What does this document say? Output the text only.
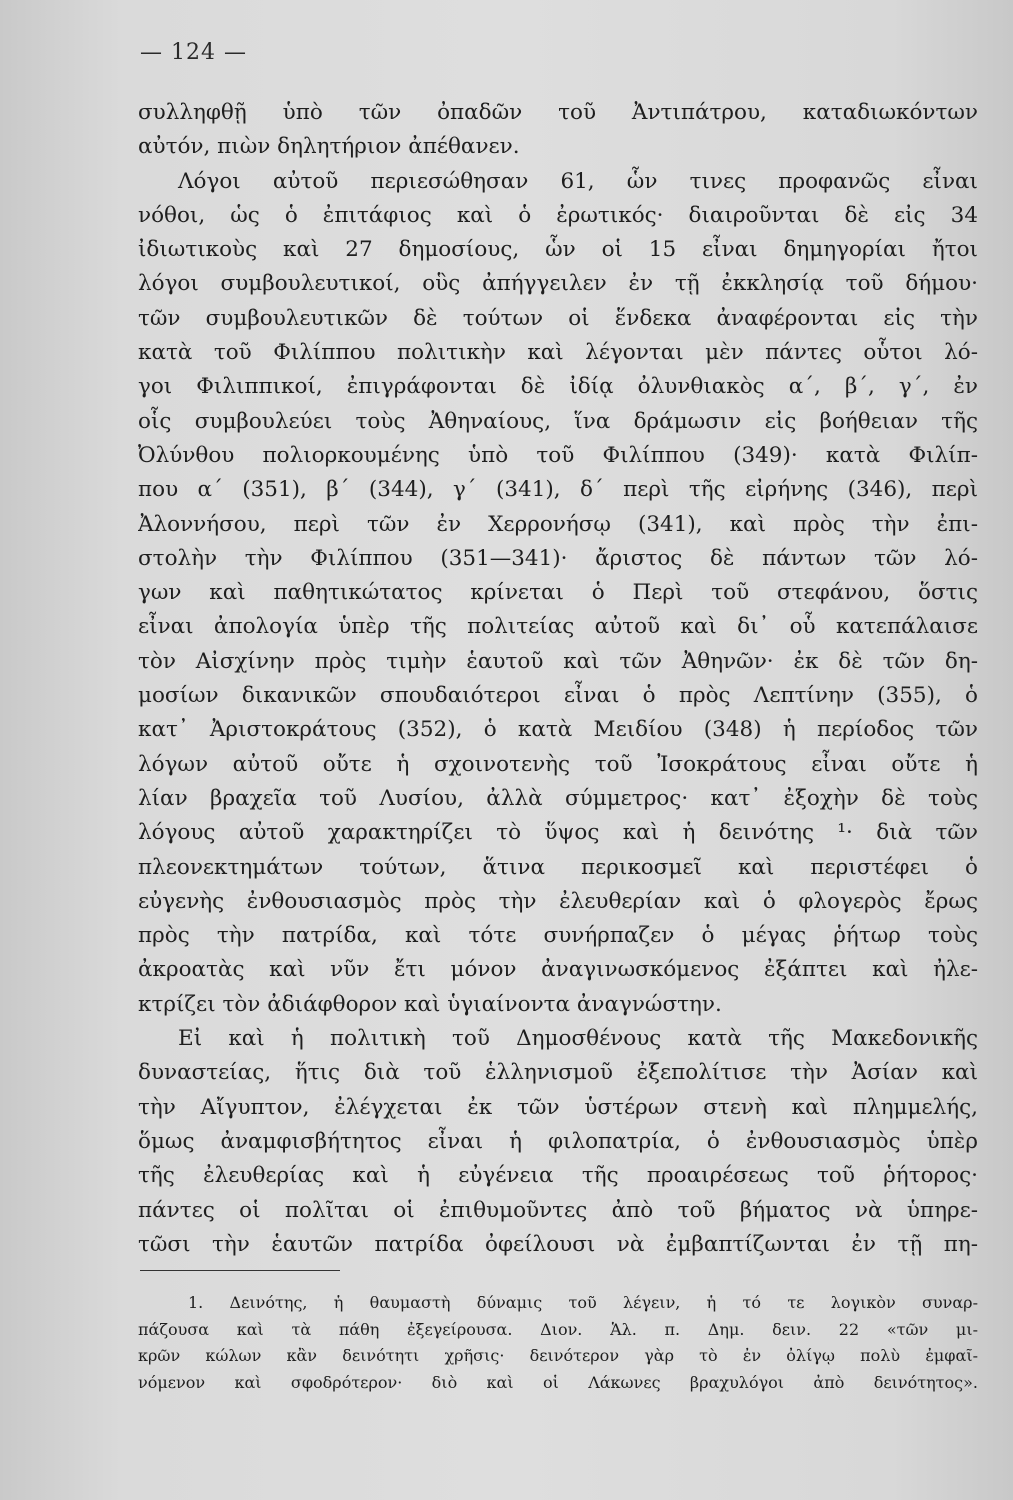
— 124 —
συλληφθῇ ὑπὸ τῶν ὀπαδῶν τοῦ Ἀντιπάτρου, καταδιωκόντων
αὐτόν, πιὼν δηλητήριον ἀπέθανεν.
Λόγοι αὐτοῦ περιεσώθησαν 61, ὧν τινες προφανῶς εἶναι
νόθοι, ὡς ὁ ἐπιτάφιος καὶ ὁ ἐρωτικός· διαιροῦνται δὲ εἰς 34
ἰδιωτικοὺς καὶ 27 δημοσίους, ὧν οἱ 15 εἶναι δημηγορίαι ἤτοι
λόγοι συμβουλευτικοί, οὓς ἀπήγγειλεν ἐν τῇ ἐκκλησίᾳ τοῦ δήμου·
τῶν συμβουλευτικῶν δὲ τούτων οἱ ἕνδεκα ἀναφέρονται εἰς τὴν
κατὰ τοῦ Φιλίππου πολιτικὴν καὶ λέγονται μὲν πάντες οὗτοι λό-
γοι Φιλιππικοί, ἐπιγράφονται δὲ ἰδίᾳ ὀλυνθιακὸς α΄, β΄, γ΄, ἐν
οἷς συμβουλεύει τοὺς Ἀθηναίους, ἵνα δράμωσιν εἰς βοήθειαν τῆς
Ὀλύνθου πολιορκουμένης ὑπὸ τοῦ Φιλίππου (349)· κατὰ Φιλίπ-
που α΄ (351), β΄ (344), γ΄ (341), δ΄ περὶ τῆς εἰρήνης (346), περὶ
Ἀλοννήσου, περὶ τῶν ἐν Χερρονήσῳ (341), καὶ πρὸς τὴν ἐπι-
στολὴν τὴν Φιλίππου (351—341)· ἄριστος δὲ πάντων τῶν λό-
γων καὶ παθητικώτατος κρίνεται ὁ Περὶ τοῦ στεφάνου, ὅστις
εἶναι ἀπολογία ὑπὲρ τῆς πολιτείας αὐτοῦ καὶ δι᾽ οὗ κατεπάλαισε
τὸν Αἰσχίνην πρὸς τιμὴν ἑαυτοῦ καὶ τῶν Ἀθηνῶν· ἐκ δὲ τῶν δη-
μοσίων δικανικῶν σπουδαιότεροι εἶναι ὁ πρὸς Λεπτίνην (355), ὁ
κατ᾽ Ἀριστοκράτους (352), ὁ κατὰ Μειδίου (348) ἡ περίοδος τῶν
λόγων αὐτοῦ οὔτε ἡ σχοινοτενὴς τοῦ Ἰσοκράτους εἶναι οὔτε ἡ
λίαν βραχεῖα τοῦ Λυσίου, ἀλλὰ σύμμετρος· κατ᾽ ἐξοχὴν δὲ τοὺς
λόγους αὐτοῦ χαρακτηρίζει τὸ ὕψος καὶ ἡ δεινότης ¹· διὰ τῶν
πλεονεκτημάτων τούτων, ἅτινα περικοσμεῖ καὶ περιστέφει ὁ
εὐγενὴς ἐνθουσιασμὸς πρὸς τὴν ἐλευθερίαν καὶ ὁ φλογερὸς ἔρως
πρὸς τὴν πατρίδα, καὶ τότε συνήρπαζεν ὁ μέγας ῥήτωρ τοὺς
ἀκροατὰς καὶ νῦν ἔτι μόνον ἀναγινωσκόμενος ἐξάπτει καὶ ἠλε-
κτρίζει τὸν ἀδιάφθορον καὶ ὑγιαίνοντα ἀναγνώστην.
Εἰ καὶ ἡ πολιτικὴ τοῦ Δημοσθένους κατὰ τῆς Μακεδονικῆς
δυναστείας, ἥτις διὰ τοῦ ἑλληνισμοῦ ἐξεπολίτισε τὴν Ἀσίαν καὶ
τὴν Αἴγυπτον, ἐλέγχεται ἐκ τῶν ὑστέρων στενὴ καὶ πλημμελής,
ὅμως ἀναμφισβήτητος εἶναι ἡ φιλοπατρία, ὁ ἐνθουσιασμὸς ὑπὲρ
τῆς ἐλευθερίας καὶ ἡ εὐγένεια τῆς προαιρέσεως τοῦ ῥήτορος·
πάντες οἱ πολῖται οἱ ἐπιθυμοῦντες ἀπὸ τοῦ βήματος νὰ ὑπηρε-
τῶσι τὴν ἑαυτῶν πατρίδα ὀφείλουσι νὰ ἐμβαπτίζωνται ἐν τῇ πη-
1. Δεινότης, ἡ θαυμαστὴ δύναμις τοῦ λέγειν, ἡ τό τε λογικὸν συναρ-
πάζουσα καὶ τὰ πάθη ἐξεγείρουσα. Διον. Ἁλ. π. Δημ. δειν. 22 «τῶν μι-
κρῶν κώλων κἂν δεινότητι χρῆσις· δεινότερον γὰρ τὸ ἐν ὀλίγῳ πολὺ ἐμφαῖ-
νόμενον καὶ σφοδρότερον· διὸ καὶ οἱ Λάκωνες βραχυλόγοι ἀπὸ δεινότητος».
